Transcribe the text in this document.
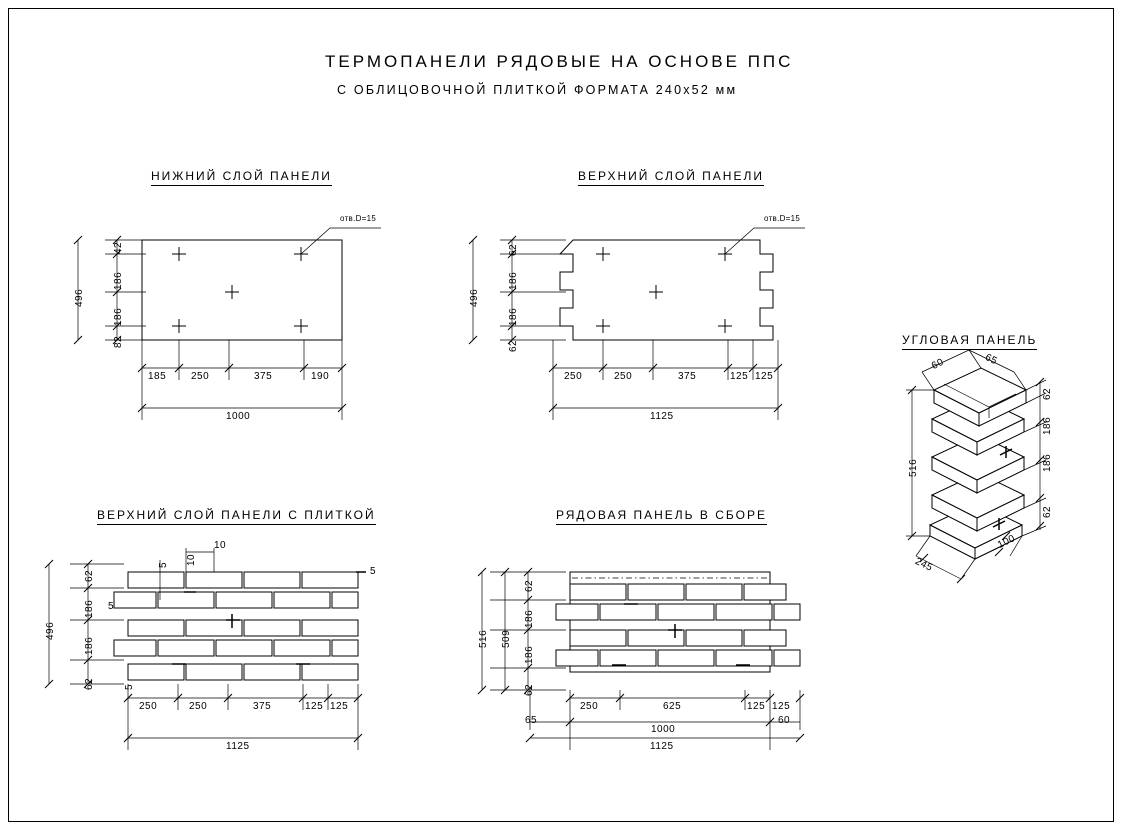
ТЕРМОПАНЕЛИ РЯДОВЫЕ НА ОСНОВЕ ППС
С ОБЛИЦОВОЧНОЙ ПЛИТКОЙ ФОРМАТА 240x52 мм
НИЖНИЙ СЛОЙ ПАНЕЛИ	ВЕРХНИЙ СЛОЙ ПАНЕЛИ
ВЕРХНИЙ СЛОЙ ПАНЕЛИ С ПЛИТКОЙ	РЯДОВАЯ ПАНЕЛЬ В СБОРЕ
УГЛОВАЯ ПАНЕЛЬ
отв.D=15
42
186
186
82
496
185 250	375	190
1000
отв.D=15
62
186
186
62
496
250	250	375	125 125
1125
62
186
186
62
496
5
10
10
5
5
5
250	250	375	125 125
1125
62
186
186
62
509
516
250	625	125 125
1000
65	60
1125
60	65
62
186
186
62
516
245
100
